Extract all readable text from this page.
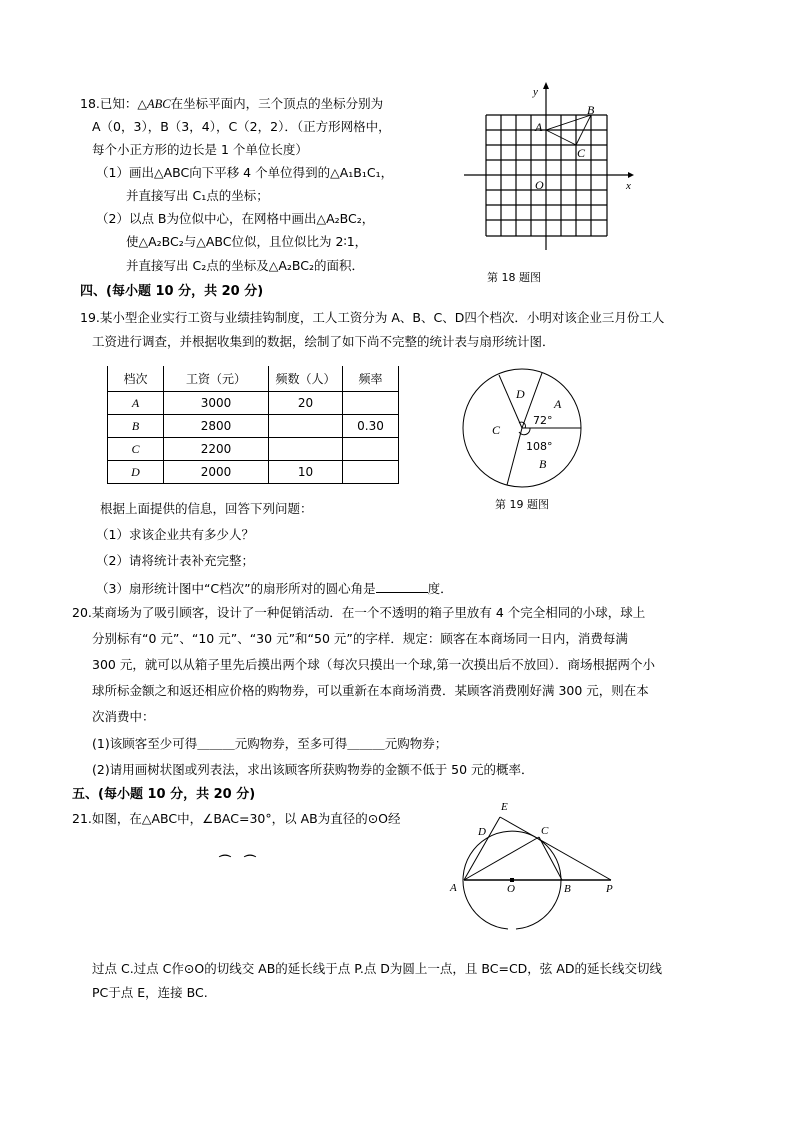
18.已知：△ABC在坐标平面内，三个顶点的坐标分别为
A（0，3），B（3，4），C（2，2）．（正方形网格中，
每个小正方形的边长是 1 个单位长度）
（1）画出△ABC向下平移 4 个单位得到的△A₁B₁C₁，
并直接写出 C₁点的坐标；
（2）以点 B为位似中心，在网格中画出△A₂BC₂，
使△A₂BC₂与△ABC位似，且位似比为 2∶1，
并直接写出 C₂点的坐标及△A₂BC₂的面积．
y
x
O
A
B
C
第 18 题图
四、(每小题 10 分，共 20 分)
19.某小型企业实行工资与业绩挂钩制度，工人工资分为 A、B、C、D四个档次．小明对该企业三月份工人
工资进行调查，并根据收集到的数据，绘制了如下尚不完整的统计表与扇形统计图．
档次	工资（元）	频数（人）	频率
A	3000	20	
B	2800		0.30
C	2200		
D	2000	10	
D
A
C
B
72°
108°
第 19 题图
根据上面提供的信息，回答下列问题：
（1）求该企业共有多少人？
（2）请将统计表补充完整；
（3）扇形统计图中“C档次”的扇形所对的圆心角是	度．
20.某商场为了吸引顾客，设计了一种促销活动．在一个不透明的箱子里放有 4 个完全相同的小球，球上
分别标有“0 元”、“10 元”、“30 元”和“50 元”的字样．规定：顾客在本商场同一日内，消费每满
300 元，就可以从箱子里先后摸出两个球（每次只摸出一个球,第一次摸出后不放回）．商场根据两个小
球所标金额之和返还相应价格的购物券，可以重新在本商场消费．某顾客消费刚好满 300 元，则在本
次消费中：
(1)该顾客至少可得＿＿＿元购物券，至多可得＿＿＿元购物券；
(2)请用画树状图或列表法，求出该顾客所获购物券的金额不低于 50 元的概率．
五、(每小题 10 分，共 20 分)
21.如图，在△ABC中，∠BAC=30°，以 AB为直径的⊙O经
⌒ ⌒
E
D	C
A	O	B	P
过点 C.过点 C作⊙O的切线交 AB的延长线于点 P.点 D为圆上一点，且 BC=CD，弦 AD的延长线交切线
PC于点 E，连接 BC.
